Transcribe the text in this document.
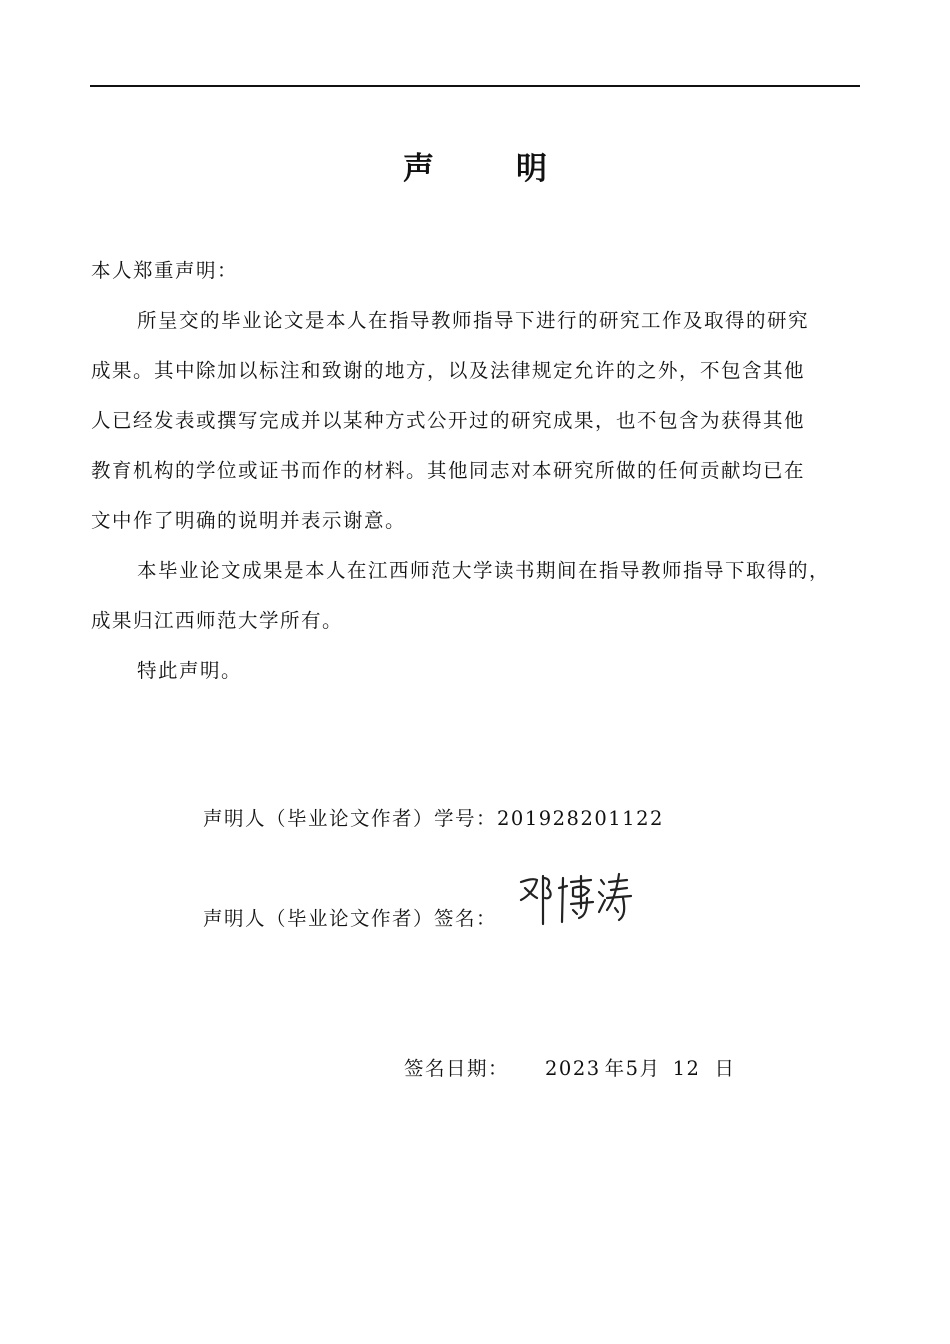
声	明
本人郑重声明：
所呈交的毕业论文是本人在指导教师指导下进行的研究工作及取得的研究
成果。其中除加以标注和致谢的地方，以及法律规定允许的之外，不包含其他
人已经发表或撰写完成并以某种方式公开过的研究成果，也不包含为获得其他
教育机构的学位或证书而作的材料。其他同志对本研究所做的任何贡献均已在
文中作了明确的说明并表示谢意。
本毕业论文成果是本人在江西师范大学读书期间在指导教师指导下取得的，
成果归江西师范大学所有。
特此声明。
声明人（毕业论文作者）学号：201928201122
声明人（毕业论文作者）签名：
签名日期： 2023 年5月 12 日
